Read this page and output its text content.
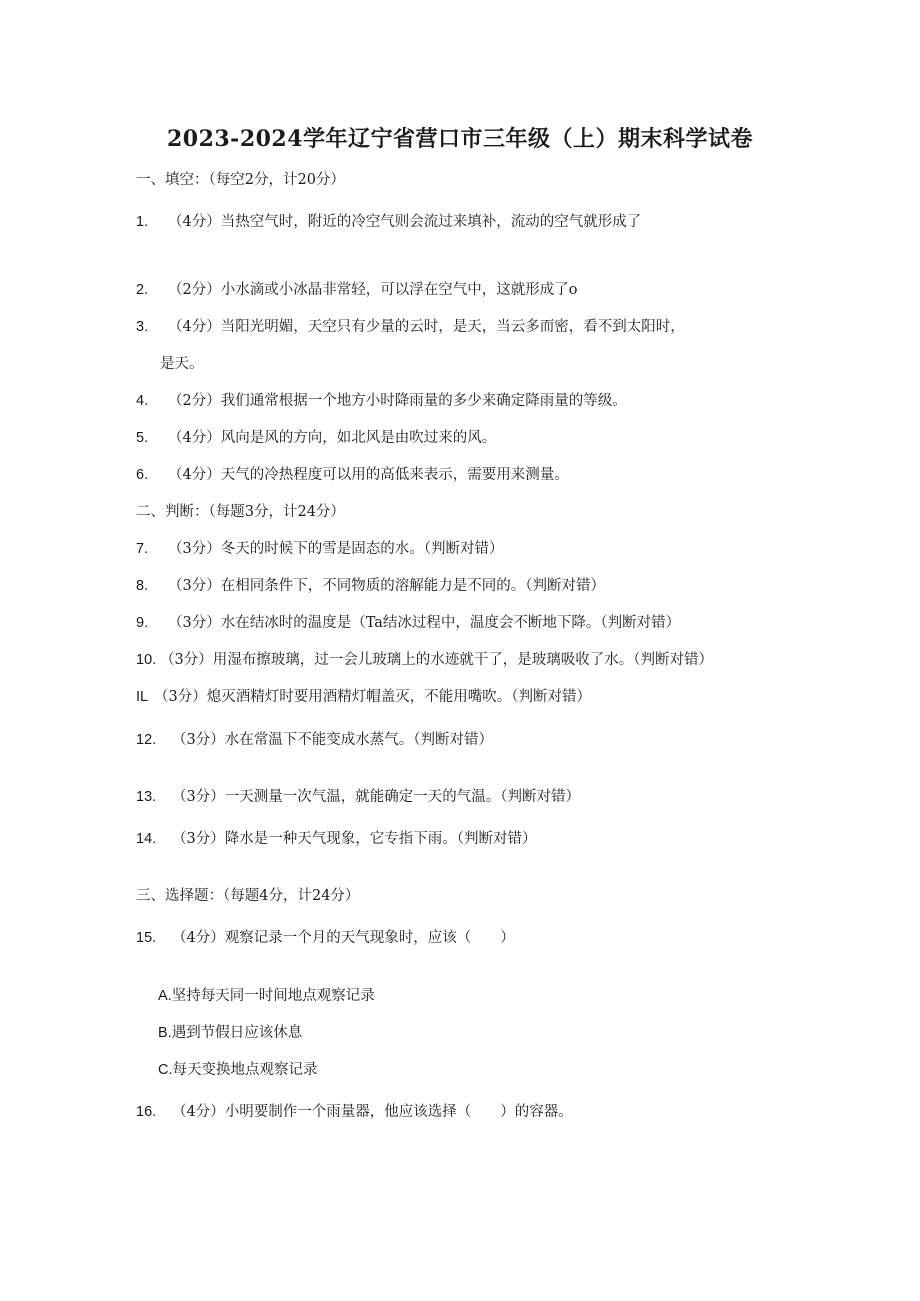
2023-2024学年辽宁省营口市三年级（上）期末科学试卷
一、填空：（每空2分，计20分）
1. （4分）当热空气时，附近的冷空气则会流过来填补，流动的空气就形成了
2. （2分）小水滴或小冰晶非常轻，可以浮在空气中，这就形成了o
3. （4分）当阳光明媚，天空只有少量的云时，是天，当云多而密，看不到太阳时，
是天。
4. （2分）我们通常根据一个地方小时降雨量的多少来确定降雨量的等级。
5. （4分）风向是风的方向，如北风是由吹过来的风。
6. （4分）天气的冷热程度可以用的高低来表示，需要用来测量。
二、判断：（每题3分，计24分）
7. （3分）冬天的时候下的雪是固态的水。（判断对错）
8. （3分）在相同条件下，不同物质的溶解能力是不同的。（判断对错）
9. （3分）水在结冰时的温度是（Ta结冰过程中，温度会不断地下降。（判断对错）
10. （3分）用湿布擦玻璃，过一会儿玻璃上的水迹就干了，是玻璃吸收了水。（判断对错）
IL （3分）熄灭酒精灯时要用酒精灯帽盖灭，不能用嘴吹。（判断对错）
12. （3分）水在常温下不能变成水蒸气。（判断对错）
13. （3分）一天测量一次气温，就能确定一天的气温。（判断对错）
14. （3分）降水是一种天气现象，它专指下雨。（判断对错）
三、选择题：（每题4分，计24分）
15. （4分）观察记录一个月的天气现象时，应该（　　）
A.坚持每天同一时间地点观察记录
B.遇到节假日应该休息
C.每天变换地点观察记录
16. （4分）小明要制作一个雨量器，他应该选择（　　）的容器。
